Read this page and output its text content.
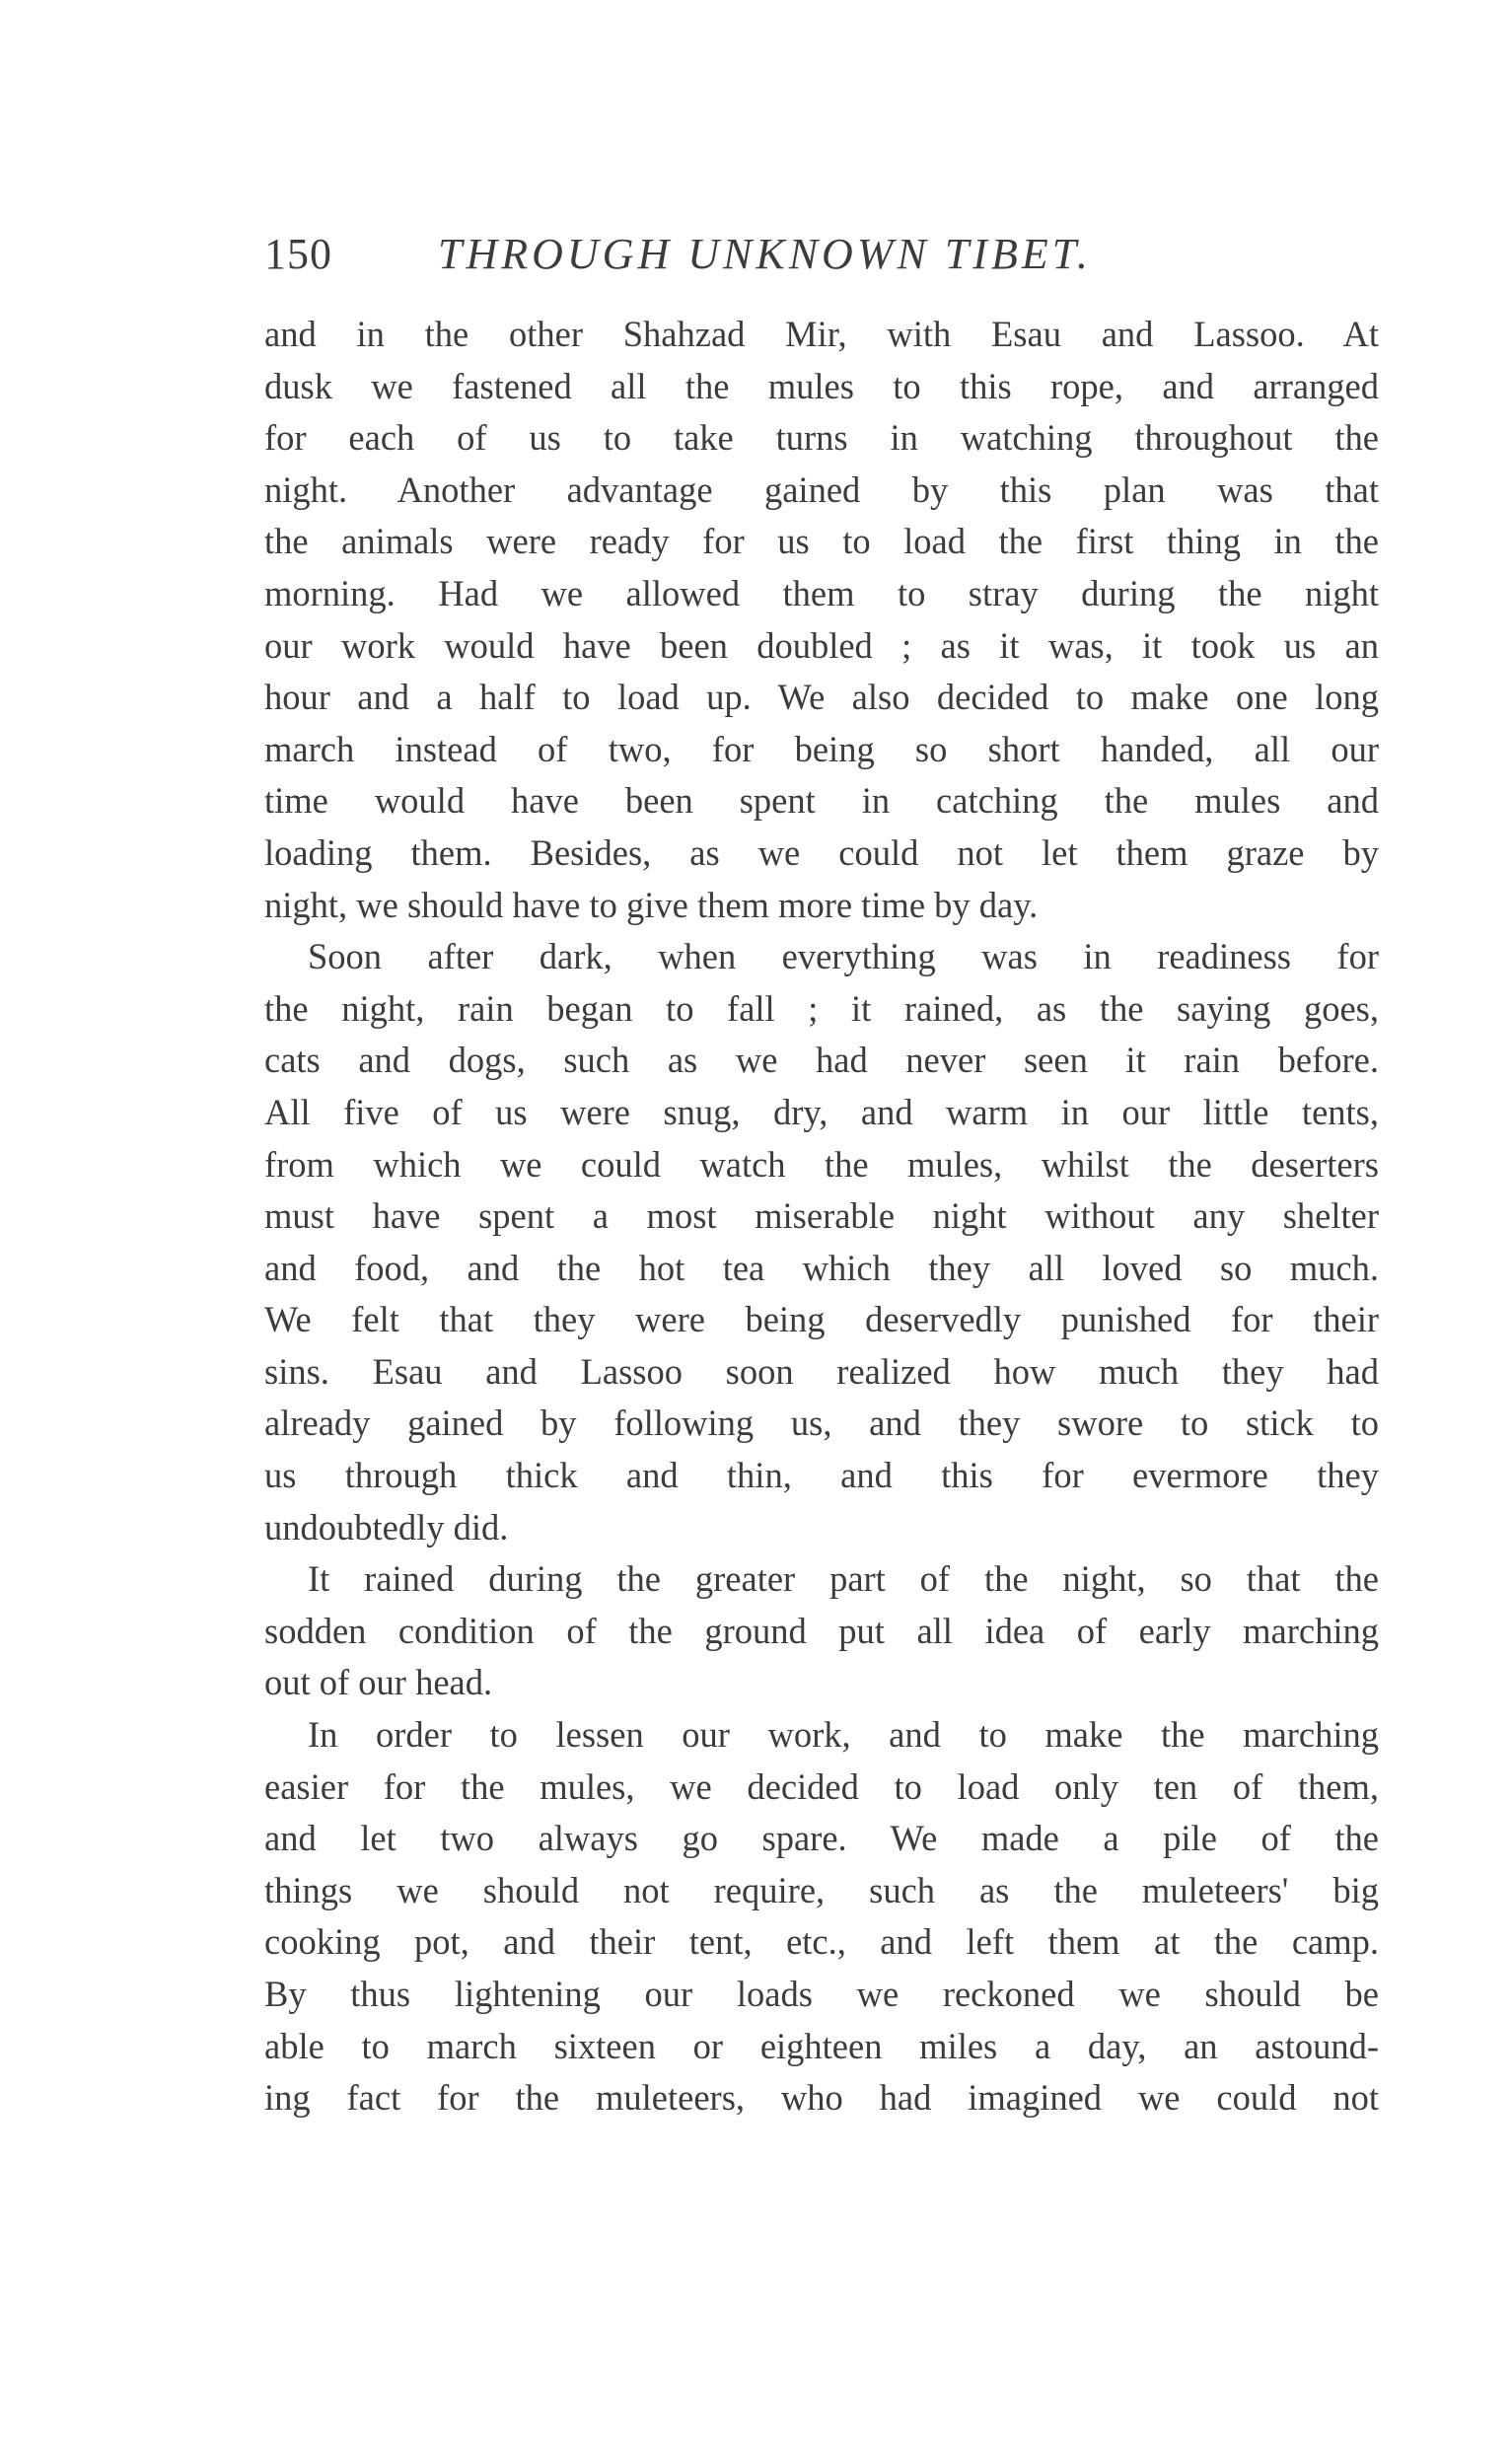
150 THROUGH UNKNOWN TIBET.
and in the other Shahzad Mir, with Esau and Lassoo. At
dusk we fastened all the mules to this rope, and arranged
for each of us to take turns in watching throughout the
night. Another advantage gained by this plan was that
the animals were ready for us to load the first thing in the
morning. Had we allowed them to stray during the night
our work would have been doubled ; as it was, it took us an
hour and a half to load up. We also decided to make one long
march instead of two, for being so short handed, all our
time would have been spent in catching the mules and
loading them. Besides, as we could not let them graze by
night, we should have to give them more time by day.
Soon after dark, when everything was in readiness for
the night, rain began to fall ; it rained, as the saying goes,
cats and dogs, such as we had never seen it rain before.
All five of us were snug, dry, and warm in our little tents,
from which we could watch the mules, whilst the deserters
must have spent a most miserable night without any shelter
and food, and the hot tea which they all loved so much.
We felt that they were being deservedly punished for their
sins. Esau and Lassoo soon realized how much they had
already gained by following us, and they swore to stick to
us through thick and thin, and this for evermore they
undoubtedly did.
It rained during the greater part of the night, so that the
sodden condition of the ground put all idea of early marching
out of our head.
In order to lessen our work, and to make the marching
easier for the mules, we decided to load only ten of them,
and let two always go spare. We made a pile of the
things we should not require, such as the muleteers' big
cooking pot, and their tent, etc., and left them at the camp.
By thus lightening our loads we reckoned we should be
able to march sixteen or eighteen miles a day, an astound-
ing fact for the muleteers, who had imagined we could not
